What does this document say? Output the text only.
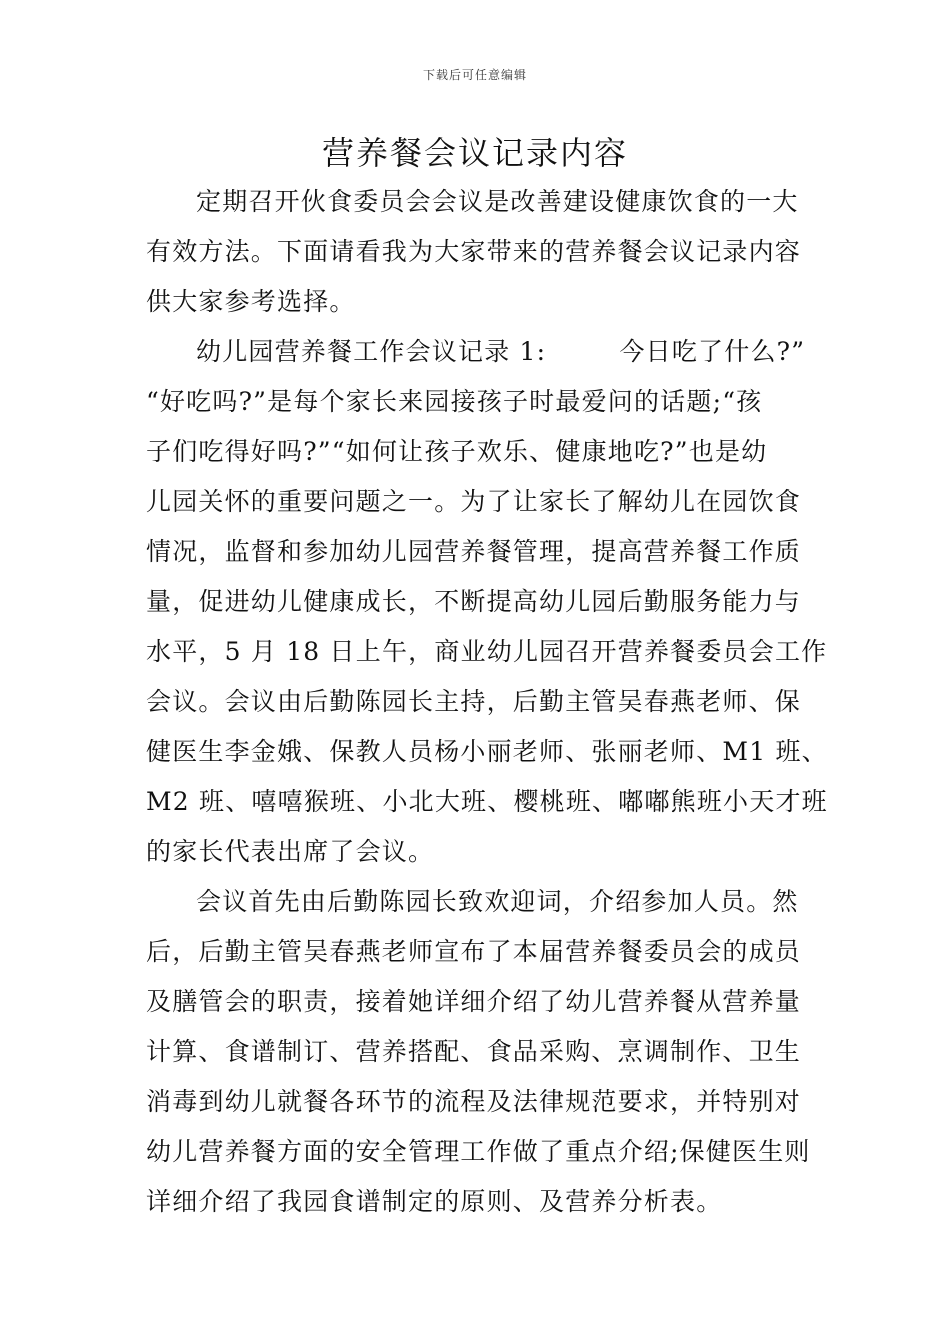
下载后可任意编辑
营养餐会议记录内容

定期召开伙食委员会会议是改善建设健康饮食的一大
有效方法。下面请看我为大家带来的营养餐会议记录内容
供大家参考选择。

幼儿园营养餐工作会议记录 1:        今日吃了什么?”
“好吃吗?”是每个家长来园接孩子时最爱问的话题;“孩
子们吃得好吗?”“如何让孩子欢乐、健康地吃?”也是幼
儿园关怀的重要问题之一。为了让家长了解幼儿在园饮食
情况，监督和参加幼儿园营养餐管理，提高营养餐工作质
量，促进幼儿健康成长，不断提高幼儿园后勤服务能力与
水平，5 月 18 日上午，商业幼儿园召开营养餐委员会工作
会议。会议由后勤陈园长主持，后勤主管吴春燕老师、保
健医生李金娥、保教人员杨小丽老师、张丽老师、M1 班、
M2 班、嘻嘻猴班、小北大班、樱桃班、嘟嘟熊班小天才班
的家长代表出席了会议。

会议首先由后勤陈园长致欢迎词，介绍参加人员。然
后，后勤主管吴春燕老师宣布了本届营养餐委员会的成员
及膳管会的职责，接着她详细介绍了幼儿营养餐从营养量
计算、食谱制订、营养搭配、食品采购、烹调制作、卫生
消毒到幼儿就餐各环节的流程及法律规范要求，并特别对
幼儿营养餐方面的安全管理工作做了重点介绍;保健医生则
详细介绍了我园食谱制定的原则、及营养分析表。
